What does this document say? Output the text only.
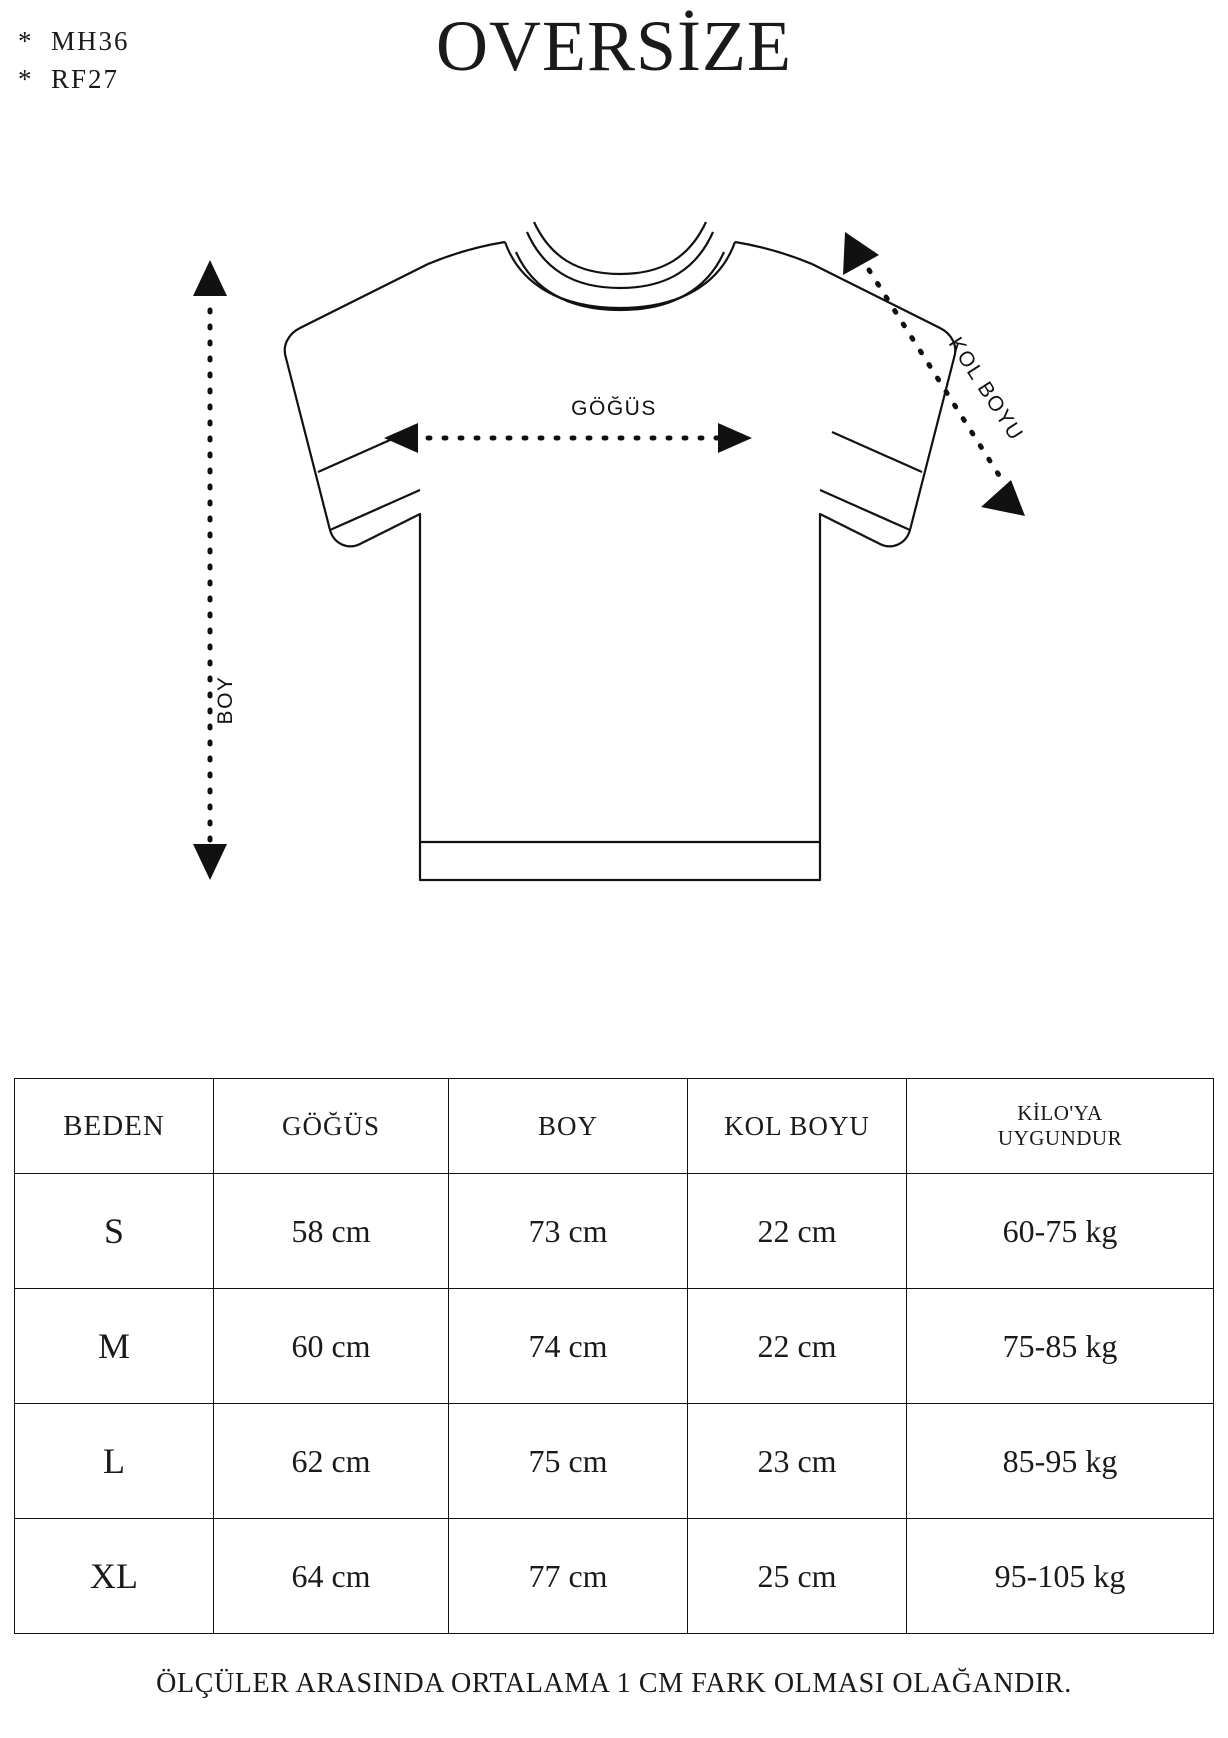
*  MH36
*  RF27	OVERSİZE
GÖĞÜS
BOY
KOL BOYU
BEDEN	GÖĞÜS	BOY	KOL BOYU	KİLO'YA
UYGUNDUR
S	58 cm	73 cm	22 cm	60-75 kg
M	60 cm	74 cm	22 cm	75-85 kg
L	62 cm	75 cm	23 cm	85-95 kg
XL	64 cm	77 cm	25 cm	95-105 kg
ÖLÇÜLER ARASINDA ORTALAMA 1 CM FARK OLMASI OLAĞANDIR.
